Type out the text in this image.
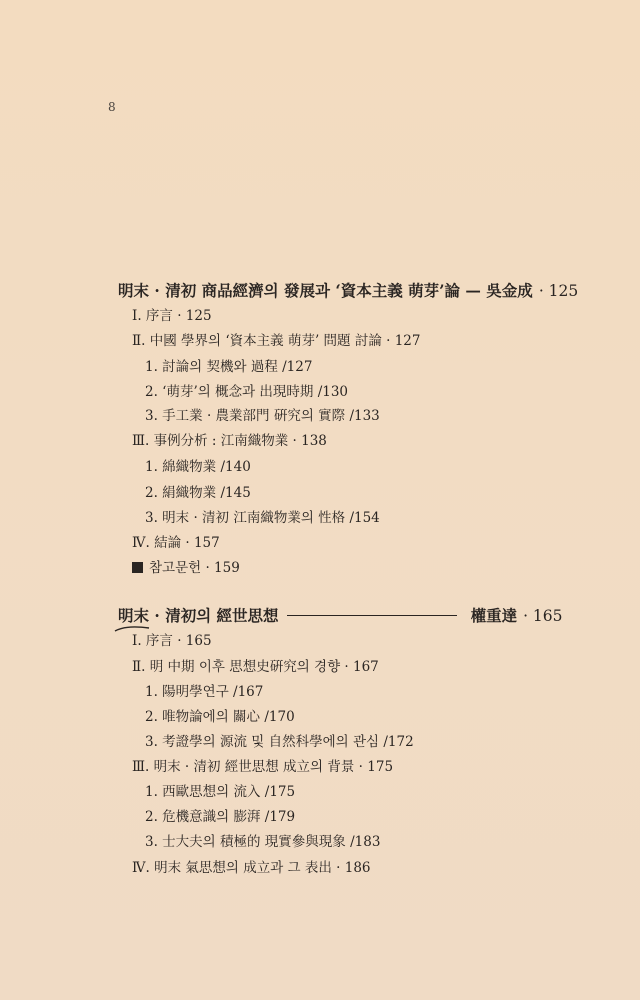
8
明末 · 清初 商品經濟의 發展과 ‘資本主義 萌芽’論 — 吳金成 · 125
Ⅰ. 序言 · 125
Ⅱ. 中國 學界의 ‘資本主義 萌芽’ 問題 討論 · 127
1. 討論의 契機와 過程 /127
2. ‘萌芽’의 概念과 出現時期 /130
3. 手工業 · 農業部門 硏究의 實際 /133
Ⅲ. 事例分析 : 江南織物業 · 138
1. 綿織物業 /140
2. 絹織物業 /145
3. 明末 · 清初 江南織物業의 性格 /154
Ⅳ. 結論 · 157
참고문헌 · 159
明末 · 清初의 經世思想	權重達 · 165
Ⅰ. 序言 · 165
Ⅱ. 明 中期 이후 思想史硏究의 경향 · 167
1. 陽明學연구 /167
2. 唯物論에의 關心 /170
3. 考證學의 源流 및 自然科學에의 관심 /172
Ⅲ. 明末 · 清初 經世思想 成立의 背景 · 175
1. 西歐思想의 流入 /175
2. 危機意識의 膨湃 /179
3. 士大夫의 積極的 現實參與現象 /183
Ⅳ. 明末 氣思想의 成立과 그 表出 · 186
